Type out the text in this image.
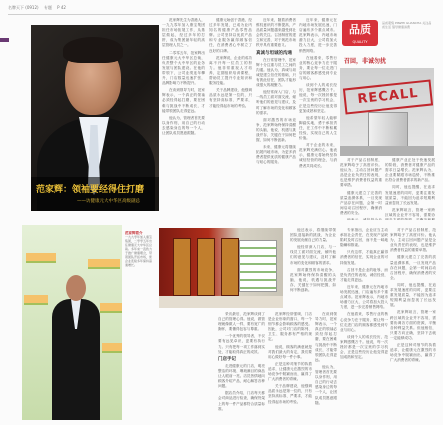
名牌天下 (0912) 专题 P 42
范家辉：领袖要经得住打磨
——访健康元大中华区高级副总

范家辉先生为香港人，一九九零年加入康宝集团担任市场拓展工作，从基层做起，经过多年的打拼，成为集团最年轻的高层管理人员之一。

二零零五年，范家辉出任健康元大中华区总裁，负责整个大中华区的业务发展与团队建设。在他的带领下，公司业绩连年攀升，门店数量迅速扩张，品牌影响力不断提升。

在谈到领导力时，范家辉表示，一个真正的领袖必须经得起打磨，要在困难与挑战中不断成长，才能带领团队走得更远。

他认为，管理者首先要以身作则，用自己的行动去感染身边的每一个人，让团队成员愿意跟随。

健康元始创于香港，经过多年发展，已成为业内知名的健康产品零售品牌。公司坚持以优质产品和专业服务赢得顾客信任，在消费者心中树立了良好的口碑。

范家辉说，企业的成功离不开每一位员工的努力。他非常重视人才培养，定期组织培训课程，帮助员工提升专业知识和服务技能。

关于品牌建设，他强调品质永远是第一位的，只有坚持高标准、严要求，才能经得起市场的考验。

近年来，随着消费者维权意识的不断提高，产品质量问题越来越受到社会的关注。召回制度的建立和完善，对于规范市场秩序具有重要意义。

真诚与坦诚的沟通

在日常管理中，范家辉十分注重与员工之间的沟通。他认为，真诚与坦诚是建立信任的基础，只有彼此信任，团队才能形成强大的凝聚力。

他经常深入门店，与一线员工面对面交流，倾听他们的意见与建议，及时了解市场的变化和顾客的需求。

面对激烈的市场竞争，范家辉始终保持清醒的头脑，他说，机遇与挑战并存，关键在于如何把握，如何不断创新。

未来，健康元将继续拓展内地市场，为更多消费者提供优质的健康产品与贴心的服务。

近年来，健康元在内地市场发展迅速，门店遍布多个重点城市。范家辉表示，内地市场潜力巨大，公司将加大投入力度，进一步完善销售网络。

在他看来，零售行业的核心竞争力在于服务，要让每一位走进门店的顾客都感受到专业与用心。

谈到个人的成长经历，范家辉感慨万千。他说，每一次挫折都是一次宝贵的学习机会，正是这些经历让他变得更加成熟和坚定。

他希望年轻人能够脚踏实地，勇于承担责任，在工作中不断积累经验，实现自己的人生价值。

对于企业的未来，范家辉充满信心。他表示，健康元将始终坚持诚信经营的理念，与消费者共同成长。

健康产业正处于快速发展的阶段，消费者对健康产品的需求日益增长。范家辉认为，企业要紧跟市场趋势，不断推出符合消费者需求的新产品。

同时，他也提醒，在追求发展速度的同时，更要注重发展质量，不能因为追求短期利益而忽视了长远发展。

范家辉坦言，管理一家跨区域的企业并不容易，需要协

对于产品召回制度，范家辉给予了高度评价。他认为，主动召回问题产品是企业负责任的表现，也是维护消费者权益的重要举措。

健康元建立了完善的质量追溯体系，一旦发现产品存在问题，会第一时间启动召回程序，确保消费者的安全。

品质
QUALITY
品质观察 PINZHI GUANCHA 关注品质生活 倡导健康消费
召回，非诚勿扰
RECALL
范家辉简介
一九九零年加入康宝集团，二零零五年出任健康元大中华区总裁。多年来一直致力于推广健康理念，带领团队开拓市场，使企业连续多年保持高速增长。

采访最后，范家辉谈到了自己的管理心得。他说，做管理就像做人一样，要有宽广的胸怀，要懂得包容与尊重。

一个优秀的领导者，不仅要有远见卓识，更要有执行力。只有把每一项工作落到实处，才能取得真正的成效。

门店手记

走进健康元的门店，明亮整洁的环境、琳琅满目的商品让人眼前一亮。店员热情地向顾客介绍产品，耐心解答各种问题。

据店员介绍，门店每天都会对商品进行检查，确保货架上的每一件产品都符合质量标准。

范家辉经常强调，门店是企业形象的窗口，每一个细节都会影响顾客的感受。因此，公司对门店的陈列、卫生、服务都有严格的规定。

他说，顾客的满意就是对我们最大的肯定，我们要用心做好每一件小事。

正是这种对细节的执着追求，让健康元在激烈的市场竞争中脱颖而出，赢得了广大消费者的青睐。

关于品牌建设，他强调品质永远是第一位的，只有坚持高标准、严要求，才能经得起市场的考验。

专家指出，企业应当主动承担社会责任，在发现产品缺陷时及时召回，而不是一味地隐瞒和推诿。

只有这样，才能真正赢得消费者的信任，实现企业的可持续发展。

召回不是企业的耻辱，而是负责任的表现。诚信经营，才能走得更远。

近年来，健康元在内地市场发展迅速，门店遍布多个重点城市。范家辉表示，内地市场潜力巨大，公司将加大投入力度，进一步完善销售网络。

在他看来，零售行业的核心竞争力在于服务，要让每一位走进门店的顾客都感受到专业与用心。

谈到个人的成长经历，范家辉感慨万千。他说，每一次挫折都是一次宝贵的学习机会，正是这些经历让他变得更加成熟和坚定。

对于产品召回制度，范家辉给予了高度评价。他认为，主动召回问题产品是企业负责任的表现，也是维护消费者权益的重要举措。

健康元建立了完善的质量追溯体系，一旦发现产品存在问题，会第一时间启动召回程序，确保消费者的安全。

同时，他也提醒，在追求发展速度的同时，更要注重发展质量，不能因为追求短期利益而忽视了长远发展。

范家辉坦言，管理一家跨区域的企业并不容易，需要协调各方面的资源，平衡各种利益关系。但他相信，只要方向正确，坚持下去就一定能够成功。

正是这种对细节的执着追求，让健康元在激烈的市场竞争中脱颖而出，赢得了广大消费者的青睐。

他还表示，将继续带领团队迎接新的挑战，为企业的发展贡献自己的力量。

他经常深入门店，与一线员工面对面交流，倾听他们的意见与建议，及时了解市场的变化和顾客的需求。

面对激烈的市场竞争，范家辉始终保持清醒的头脑，他说，机遇与挑战并存，关键在于如何把握，如何不断创新。

在谈到领导力时，范家辉表示，一个真正的领袖必须经得起打磨，要在困难与挑战中不断成长，才能带领团队走得更远。

他认为，管理者首先要以身作则，用自己的行动去感染身边的每一个人，让团队成员愿意跟随。
